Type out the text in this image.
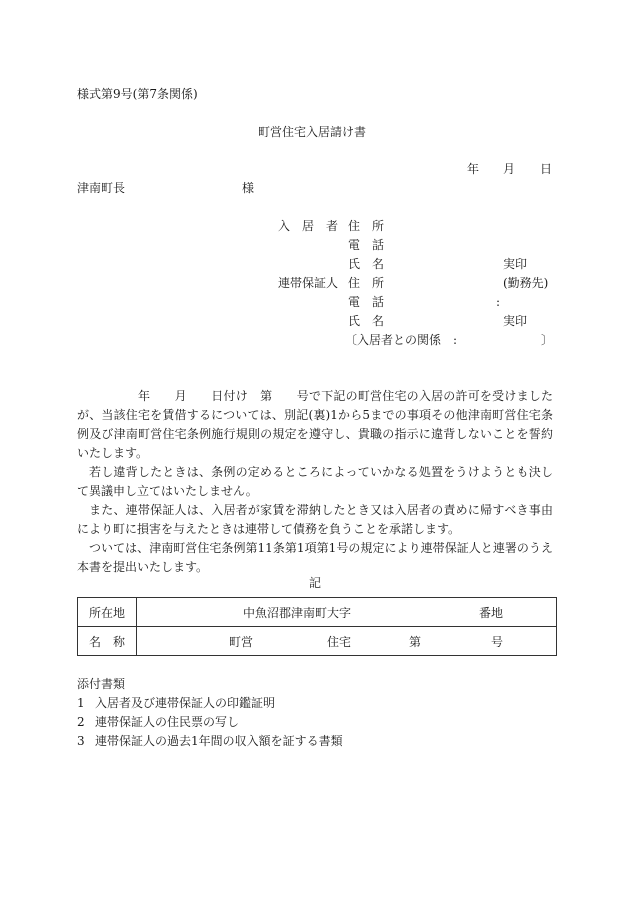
様式第9号(第7条関係)
町営住宅入居請け書
年 月 日
津南町長	様
入　居　者 住　所
電　話
氏　名	実印
連帯保証人 住　所	(勤務先)
電　話	:
氏　名	実印
〔入居者との関係　:　　　　　　　〕
　　　　　年　　月　　日付け　第　　号で下記の町営住宅の入居の許可を受けましたが、当該住宅を賃借するについては、別記(裏)1から5までの事項その他津南町営住宅条例及び津南町営住宅条例施行規則の規定を遵守し、貴職の指示に違背しないことを誓約いたします。
若し違背したときは、条例の定めるところによっていかなる処置をうけようとも決して異議申し立てはいたしません。
また、連帯保証人は、入居者が家賃を滞納したとき又は入居者の責めに帰すべき事由により町に損害を与えたときは連帯して債務を負うことを承諾します。
ついては、津南町営住宅条例第11条第1項第1号の規定により連帯保証人と連署のうえ本書を提出いたします。
記
所在地	中魚沼郡津南町大字 番地

名　称	町営 住宅 第 号
添付書類
1 入居者及び連帯保証人の印鑑証明
2 連帯保証人の住民票の写し
3 連帯保証人の過去1年間の収入額を証する書類
